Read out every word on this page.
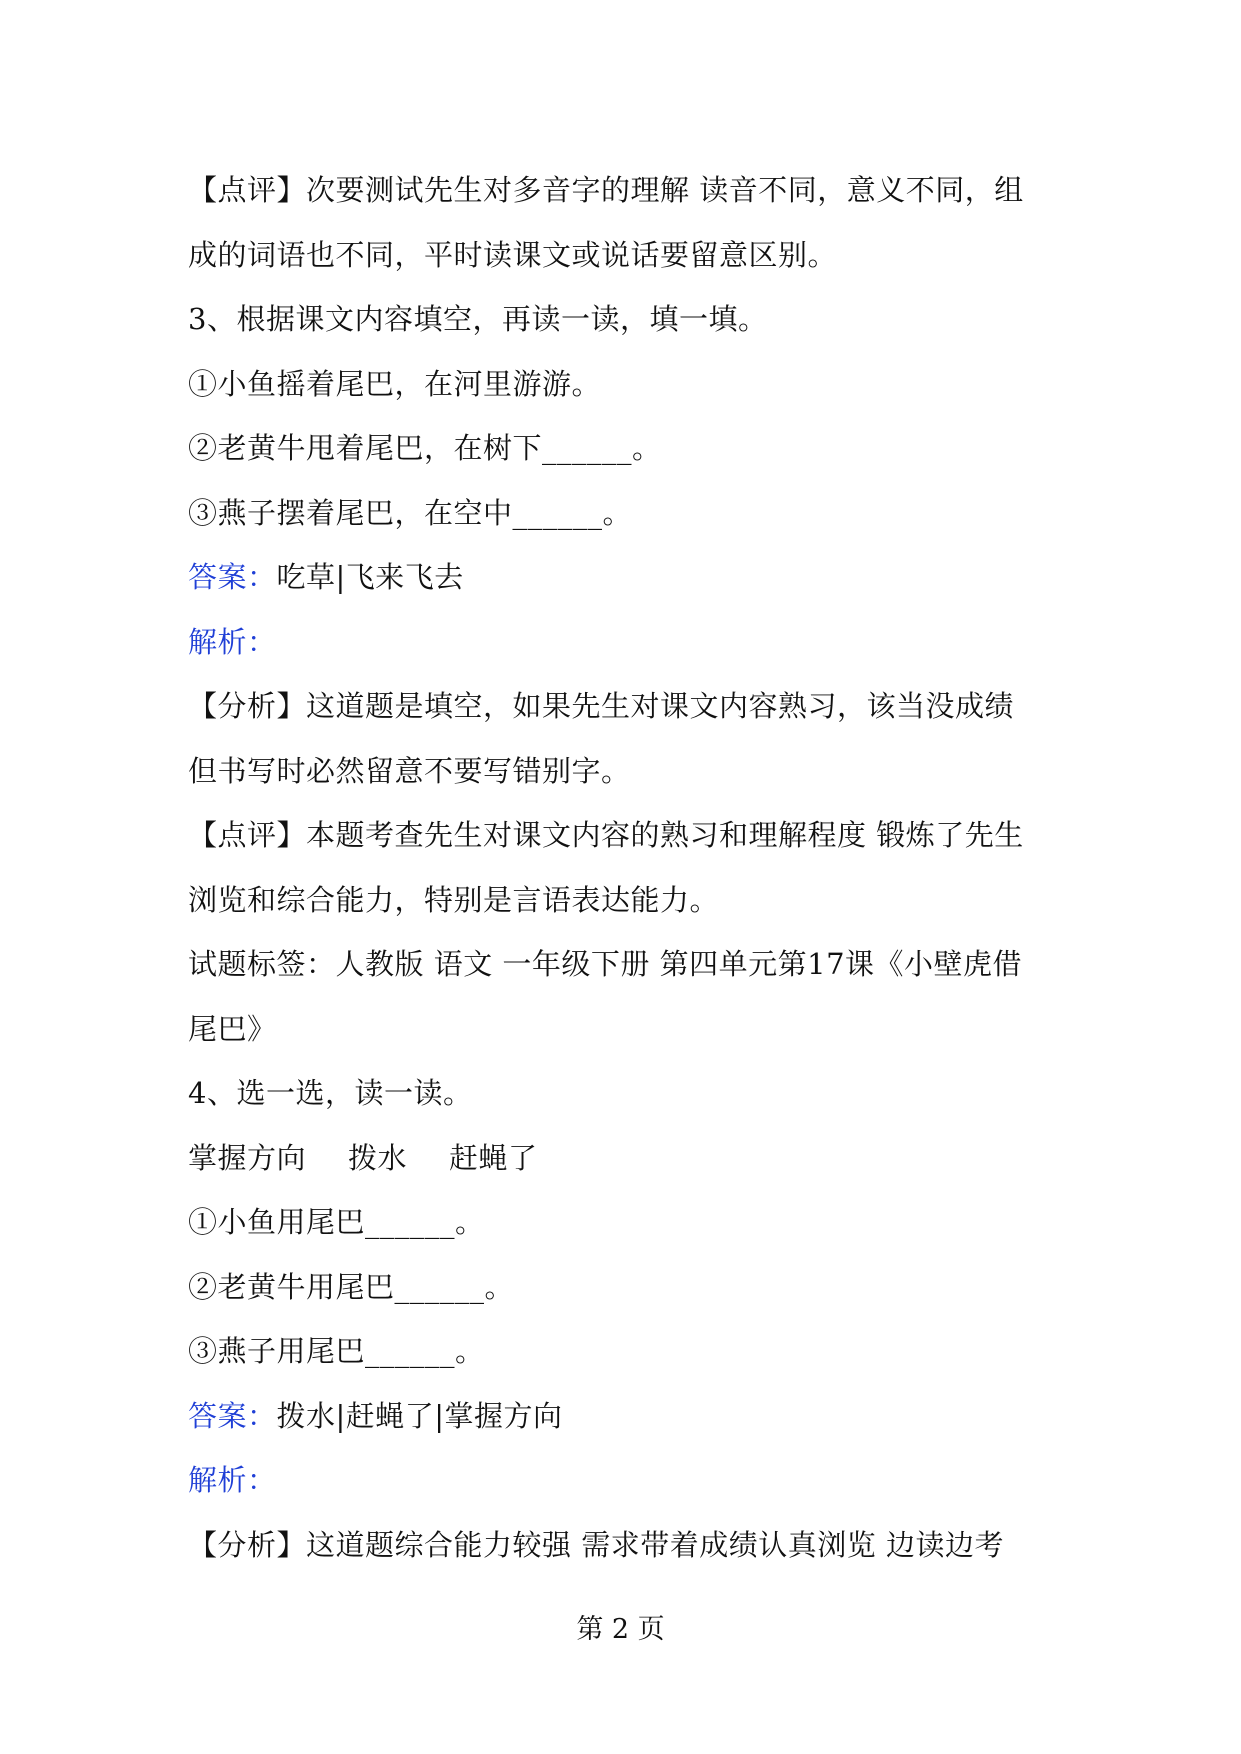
【点评】次要测试先生对多音字的理解 读音不同，意义不同，组
成的词语也不同，平时读课文或说话要留意区别。
3、根据课文内容填空，再读一读，填一填。
①小鱼摇着尾巴，在河里游游。
②老黄牛甩着尾巴，在树下______。
③燕子摆着尾巴，在空中______。
答案：吃草|飞来飞去
解析：
【分析】这道题是填空，如果先生对课文内容熟习，该当没成绩
但书写时必然留意不要写错别字。
【点评】本题考查先生对课文内容的熟习和理解程度 锻炼了先生
浏览和综合能力，特别是言语表达能力。
试题标签：人教版 语文 一年级下册 第四单元第17课《小壁虎借
尾巴》
4、选一选，读一读。
掌握方向 拨水 赶蝇了
①小鱼用尾巴______。
②老黄牛用尾巴______。
③燕子用尾巴______。
答案：拨水|赶蝇了|掌握方向
解析：
【分析】这道题综合能力较强 需求带着成绩认真浏览 边读边考
第 2 页
